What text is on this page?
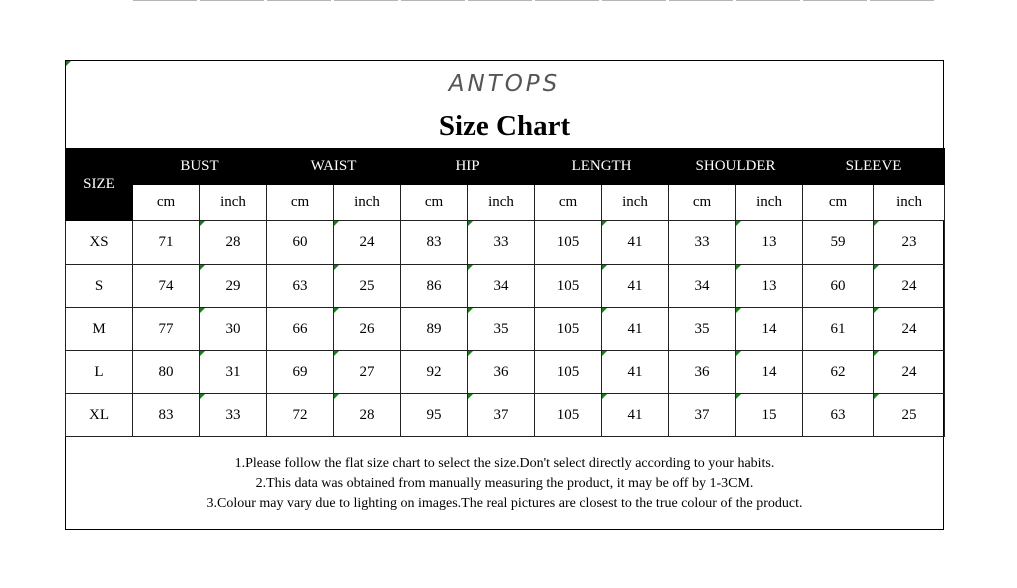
ANTOPS
Size Chart
SIZE	BUST		WAIST		HIP		LENGTH		SHOULDER		SLEEVE	
	cm	inch	cm	inch	cm	inch	cm	inch	cm	inch	cm	inch
XS	71	28	60	24	83	33	105	41	33	13	59	23
S	74	29	63	25	86	34	105	41	34	13	60	24
M	77	30	66	26	89	35	105	41	35	14	61	24
L	80	31	69	27	92	36	105	41	36	14	62	24
XL	83	33	72	28	95	37	105	41	37	15	63	25
1.Please follow the flat size chart to select the size.Don't select directly according to your habits.
2.This data was obtained from manually measuring the product, it may be off by 1-3CM.
3.Colour may vary due to lighting on images.The real pictures are closest to the true colour of the product.
